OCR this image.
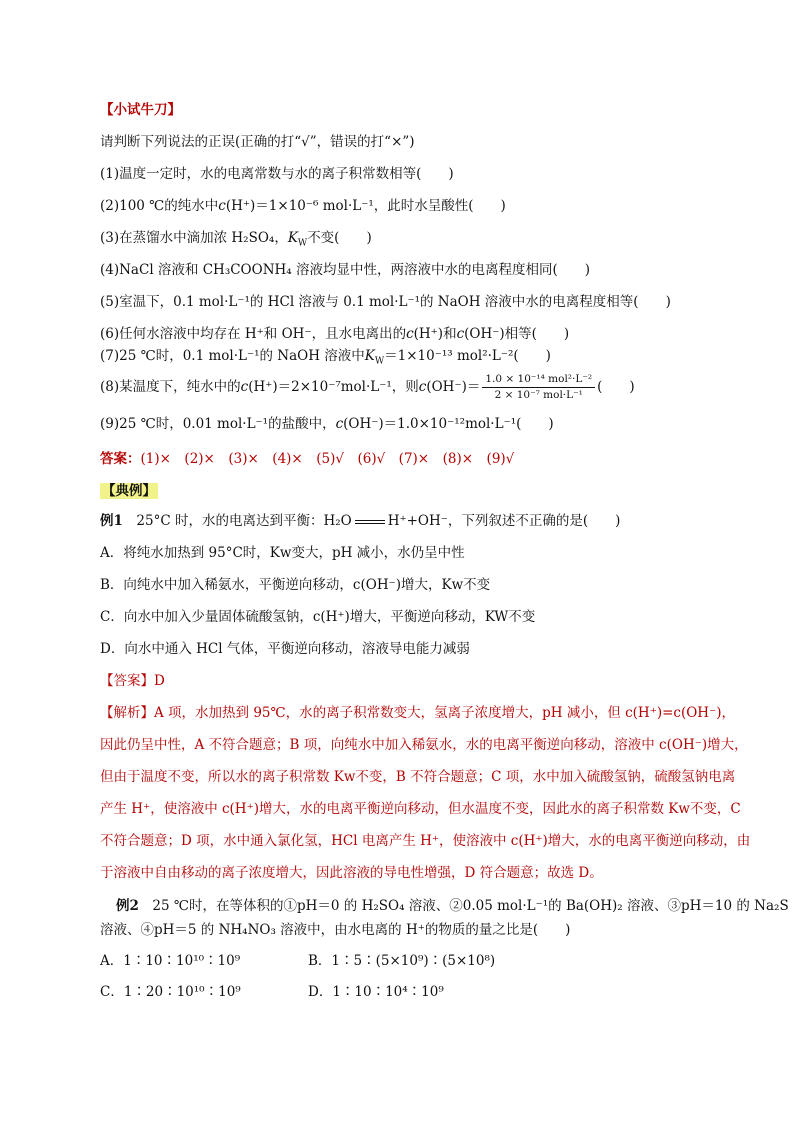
【小试牛刀】
请判断下列说法的正误(正确的打“√”，错误的打“×”)
(1)温度一定时，水的电离常数与水的离子积常数相等(　　)
(2)100 ℃的纯水中c(H⁺)＝1×10⁻⁶ mol·L⁻¹，此时水呈酸性(　　)
(3)在蒸馏水中滴加浓 H₂SO₄，$K_W$不变(　　)
(4)NaCl 溶液和 CH₃COONH₄ 溶液均显中性，两溶液中水的电离程度相同(　　)
(5)室温下，0.1 mol·L⁻¹的 HCl 溶液与 0.1 mol·L⁻¹的 NaOH 溶液中水的电离程度相等(　　)
(6)任何水溶液中均存在 H⁺和 OH⁻，且水电离出的c(H⁺)和c(OH⁻)相等(　　)
(7)25 ℃时，0.1 mol·L⁻¹的 NaOH 溶液中$K_W=1\times 10^{-13}$ mol²·L⁻²(　　)
(8)某温度下，纯水中的c(H⁺)＝2×10⁻⁷mol·L⁻¹，则$c(OH^-)= \frac{\text{1.0 × 10⁻¹⁴ mol²·L⁻²}}{\text{2 × 10⁻⁷ mol·L⁻¹}}$ (　　)
(9)25 ℃时，0.01 mol·L⁻¹的盐酸中，c(OH⁻)＝1.0×10⁻¹²mol·L⁻¹(　　)
答案：(1)×　(2)×　(3)×　(4)×　(5)√　(6)√　(7)×　(8)×　(9)√
【典例】
例1　25°C 时，水的电离达到平衡：H₂O	H⁺+OH⁻，下列叙述不正确的是(　　)
A．将纯水加热到 95°C时，Kw变大，pH 减小，水仍呈中性
B．向纯水中加入稀氨水，平衡逆向移动，c(OH⁻)增大，Kw不变
C．向水中加入少量固体硫酸氢钠，c(H⁺)增大，平衡逆向移动，KW不变
D．向水中通入 HCl 气体，平衡逆向移动，溶液导电能力减弱
【答案】D
【解析】A 项，水加热到 95℃，水的离子积常数变大，氢离子浓度增大，pH 减小，但 c(H⁺)=c(OH⁻)，
因此仍呈中性，A 不符合题意；B 项，向纯水中加入稀氨水，水的电离平衡逆向移动，溶液中 c(OH⁻)增大，
但由于温度不变，所以水的离子积常数 Kw不变，B 不符合题意；C 项，水中加入硫酸氢钠，硫酸氢钠电离
产生 H⁺，使溶液中 c(H⁺)增大，水的电离平衡逆向移动，但水温度不变，因此水的离子积常数 Kw不变，C
不符合题意；D 项，水中通入氯化氢，HCl 电离产生 H⁺，使溶液中 c(H⁺)增大，水的电离平衡逆向移动，由
于溶液中自由移动的离子浓度增大，因此溶液的导电性增强，D 符合题意；故选 D。
例2　25 ℃时，在等体积的①pH＝0 的 H₂SO₄ 溶液、②0.05 mol·L⁻¹的 Ba(OH)₂ 溶液、③pH＝10 的 Na₂S
溶液、④pH＝5 的 NH₄NO₃ 溶液中，由水电离的 H⁺的物质的量之比是(　　)
A．1∶10∶10¹⁰∶10⁹	B．1∶5∶(5×10⁹)∶(5×10⁸)
C．1∶20∶10¹⁰∶10⁹	D．1∶10∶10⁴∶10⁹
